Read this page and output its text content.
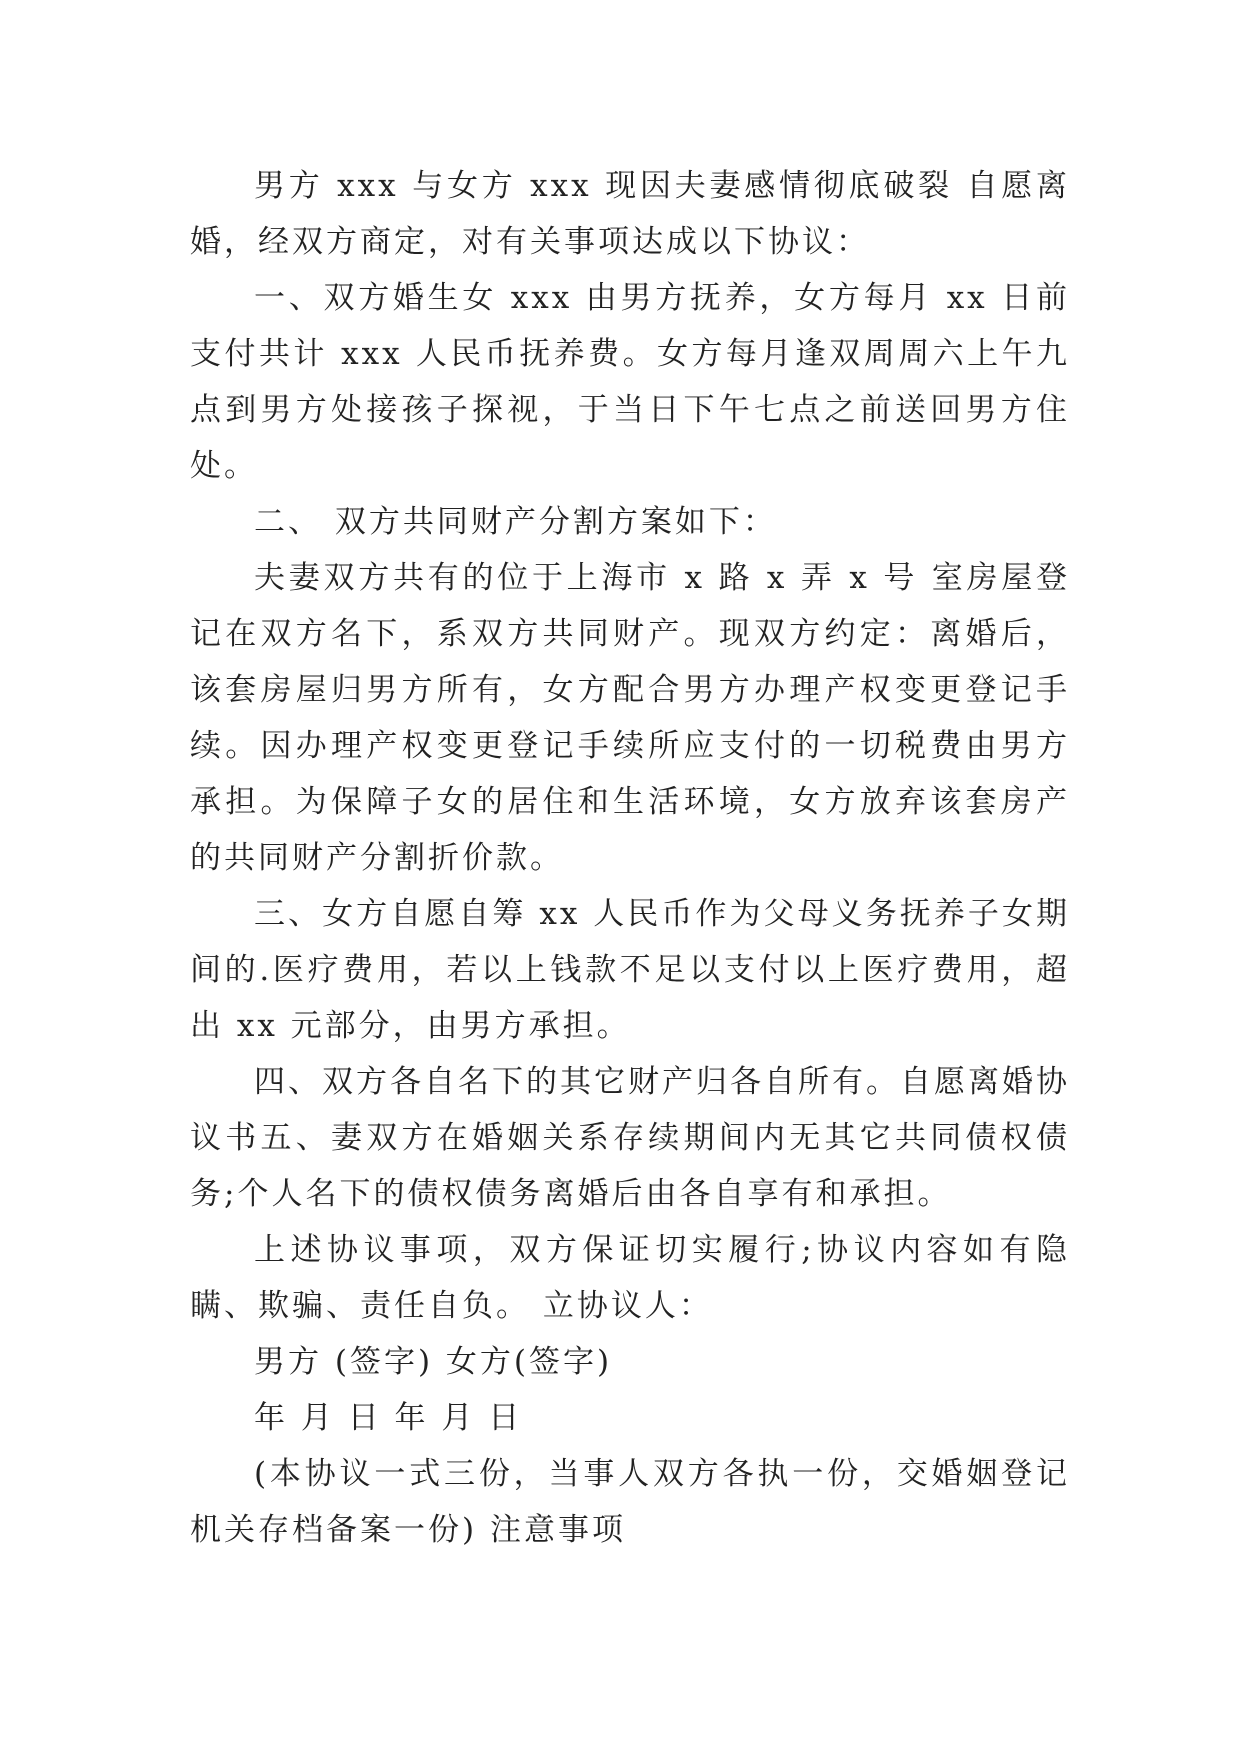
男方 xxx 与女方 xxx 现因夫妻感情彻底破裂 自愿离婚，经双方商定，对有关事项达成以下协议：

一、双方婚生女 xxx 由男方抚养，女方每月 xx 日前支付共计 xxx 人民币抚养费。女方每月逢双周周六上午九点到男方处接孩子探视，于当日下午七点之前送回男方住处。

二、 双方共同财产分割方案如下：

夫妻双方共有的位于上海市 x 路 x 弄 x 号 室房屋登记在双方名下，系双方共同财产。现双方约定：离婚后，该套房屋归男方所有，女方配合男方办理产权变更登记手续。因办理产权变更登记手续所应支付的一切税费由男方承担。为保障子女的居住和生活环境，女方放弃该套房产的共同财产分割折价款。

三、女方自愿自筹 xx 人民币作为父母义务抚养子女期间的.医疗费用，若以上钱款不足以支付以上医疗费用，超出 xx 元部分，由男方承担。

四、双方各自名下的其它财产归各自所有。自愿离婚协议书五、妻双方在婚姻关系存续期间内无其它共同债权债务;个人名下的债权债务离婚后由各自享有和承担。

上述协议事项，双方保证切实履行;协议内容如有隐瞒、欺骗、责任自负。 立协议人：

男方 (签字) 女方(签字)

年 月 日 年 月 日

(本协议一式三份，当事人双方各执一份，交婚姻登记机关存档备案一份) 注意事项
